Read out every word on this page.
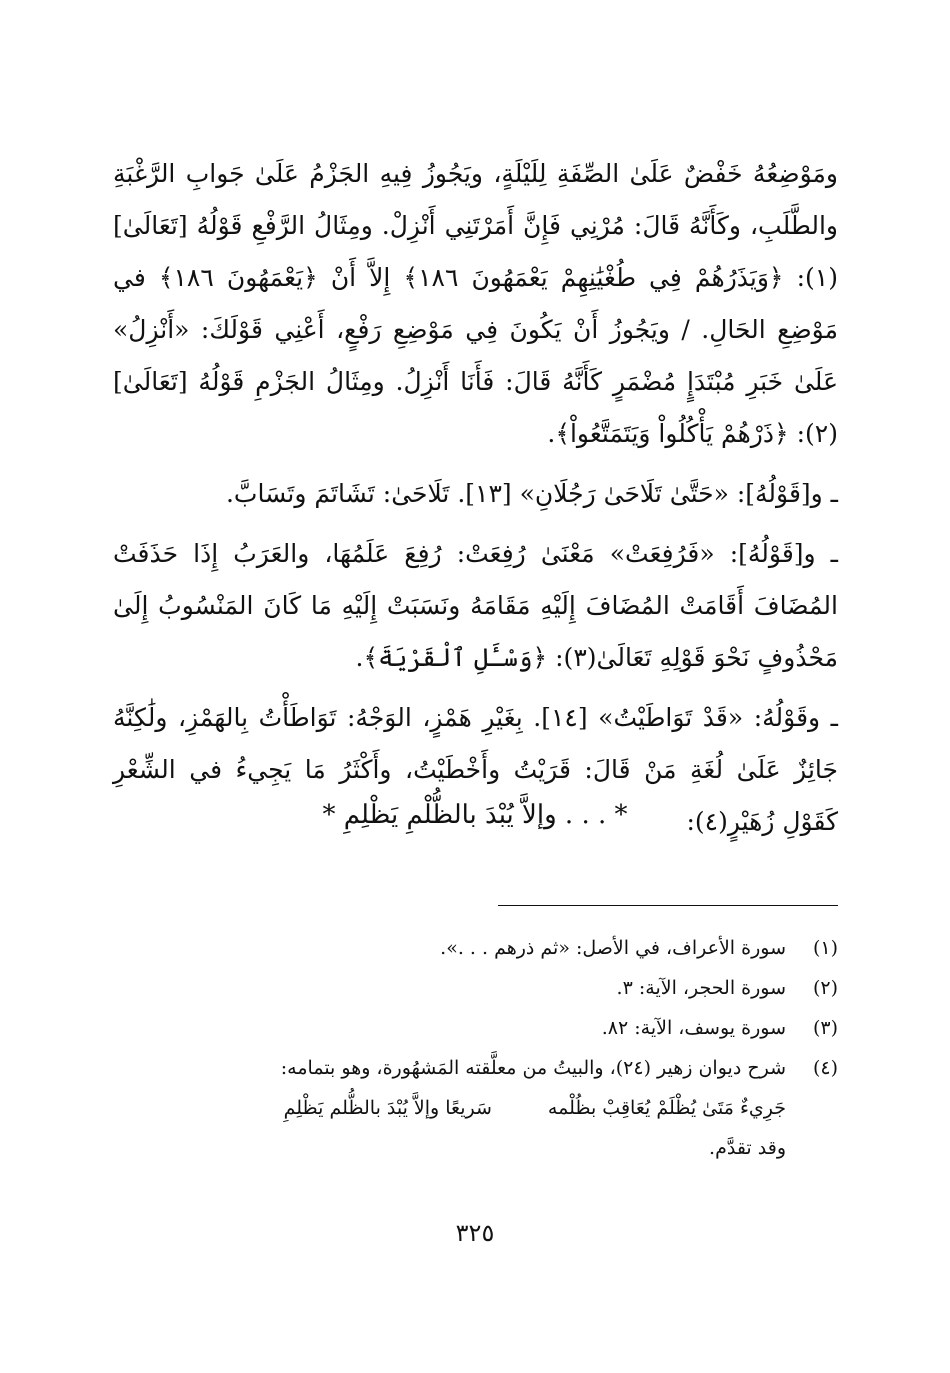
ومَوْضِعُهُ خَفْضٌ عَلَىٰ الصِّفَةِ لِلَيْلَةٍ، ويَجُوزُ فِيهِ الجَزْمُ عَلَىٰ جَوابِ الرَّغْبَةِ والطَّلَبِ، وكَأَنَّهُ قَالَ: مُرْنِي فَإِنَّ أَمَرْتَنِي أَنْزِلْ. ومِثَالُ الرَّفْعِ قَوْلُهُ [تَعَالَىٰ](١): ﴿وَيَذَرُهُمْ فِي طُغْيَٰنِهِمْ يَعْمَهُونَ ١٨٦﴾ إِلاَّ أَنْ ﴿يَعْمَهُونَ ١٨٦﴾ في مَوْضِعِ الحَالِ. / ويَجُوزُ أَنْ يَكُونَ فِي مَوْضِعِ رَفْعٍ، أَعْنِي قَوْلَكَ: «أَنْزِلُ» عَلَىٰ خَبَرِ مُبْتَدَإٍ مُضْمَرٍ كَأَنَّهُ قَالَ: فَأَنَا أَنْزِلُ. ومِثَالُ الجَزْمِ قَوْلُهُ [تَعَالَىٰ](٢): ﴿ذَرْهُمْ يَأْكُلُواْ وَيَتَمَتَّعُواْ﴾.

ـ و[قَوْلُهُ]: «حَتَّىٰ تَلَاحَىٰ رَجُلَانِ» [١٣]. تَلَاحَىٰ: تَشَاتَمَ وتَسَابَّ.

ـ و[قَوْلُهُ]: «فَرُفِعَتْ» مَعْنَىٰ رُفِعَتْ: رُفِعَ عَلَمُهَا، والعَرَبُ إِذَا حَذَفَتْ المُضَافَ أَقَامَتْ المُضَافَ إِلَيْهِ مَقَامَهُ ونَسَبَتْ إِلَيْهِ مَا كَانَ المَنْسُوبُ إِلَىٰ مَحْذُوفٍ نَحْوَ قَوْلِهِ تَعَالَىٰ(٣): ﴿وَسْـَٔلِ ٱلْقَرْيَةَ﴾.

ـ وقَوْلُهُ: «قَدْ تَوَاطَيْتُ» [١٤]. بِغَيْرِ هَمْزٍ، الوَجْهُ: تَوَاطَأْتُ بِالهَمْزِ، ولَٰكِنَّهُ جَائِزٌ عَلَىٰ لُغَةِ مَنْ قَالَ: قَرَيْتُ وأَخْطَيْتُ، وأَكْثَرُ مَا يَجِيءُ في الشِّعْرِ كَقَوْلِ زُهَيْرٍ(٤):

* . . . وإلاَّ يُبْدَ بالظُّلْمِ يَظْلِمِ *
(١)
سورة الأعراف، في الأصل: «ثم ذرهم . . .».
(٢)
سورة الحجر، الآية: ٣.
(٣)
سورة يوسف، الآية: ٨٢.
(٤)
شرح ديوان زهير (٢٤)، والبيتُ من معلَّقته المَشهُورة، وهو بتمامه:
جَرِيءٌ مَتَىٰ يُظْلَمْ يُعَاقِبْ بظُلْمه
سَريعًا وإلاَّ يُبْدَ بالظُّلم يَظْلِمِ
وقد تقدَّم.
٣٢٥
